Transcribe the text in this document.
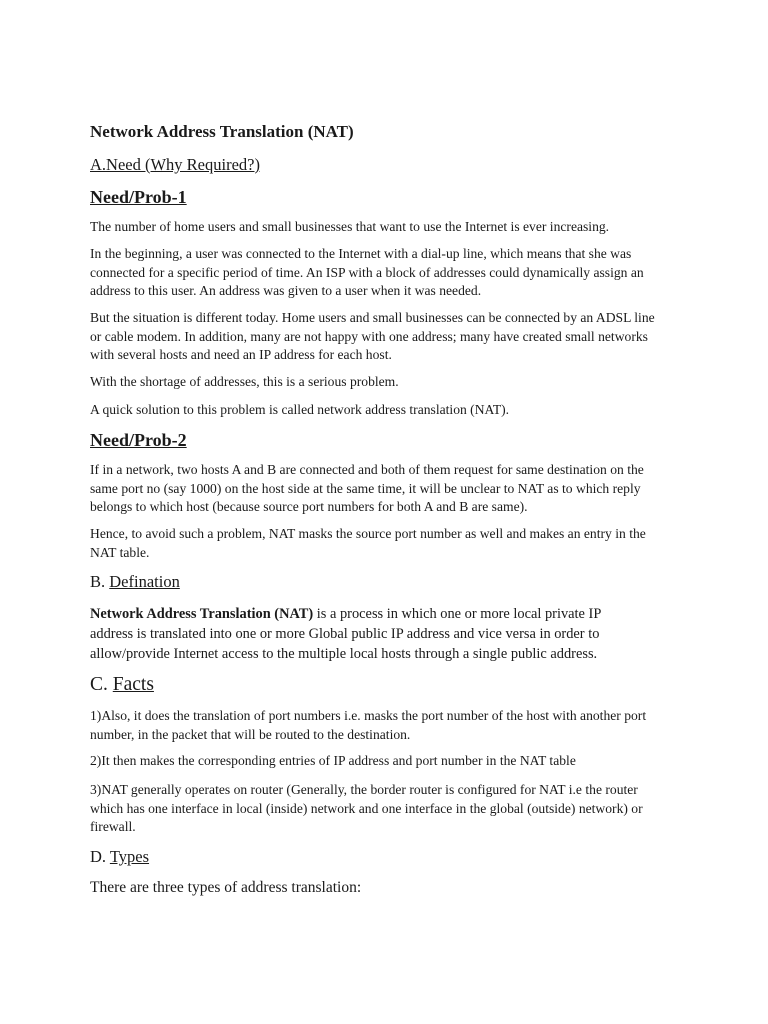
Network Address Translation (NAT)
A.Need (Why Required?)
Need/Prob-1
The number of home users and small businesses that want to use the Internet is ever increasing.
In the beginning, a user was connected to the Internet with a dial-up line, which means that she was
connected for a specific period of time. An ISP with a block of addresses could dynamically assign an
address to this user. An address was given to a user when it was needed.
But the situation is different today. Home users and small businesses can be connected by an ADSL line
or cable modem. In addition, many are not happy with one address; many have created small networks
with several hosts and need an IP address for each host.
With the shortage of addresses, this is a serious problem.
A quick solution to this problem is called network address translation (NAT).
Need/Prob-2
If in a network, two hosts A and B are connected and both of them request for same destination on the
same port no (say 1000) on the host side at the same time, it will be unclear to NAT as to which reply
belongs to which host (because source port numbers for both A and B are same).
Hence, to avoid such a problem, NAT masks the source port number as well and makes an entry in the
NAT table.
B. Defination
Network Address Translation (NAT) is a process in which one or more local private IP
address is translated into one or more Global public IP address and vice versa in order to
allow/provide Internet access to the multiple local hosts through a single public address.
C. Facts
1)Also, it does the translation of port numbers i.e. masks the port number of the host with another port
number, in the packet that will be routed to the destination.
2)It then makes the corresponding entries of IP address and port number in the NAT table
3)NAT generally operates on router (Generally, the border router is configured for NAT i.e the router
which has one interface in local (inside) network and one interface in the global (outside) network) or
firewall.
D. Types
There are three types of address translation:
